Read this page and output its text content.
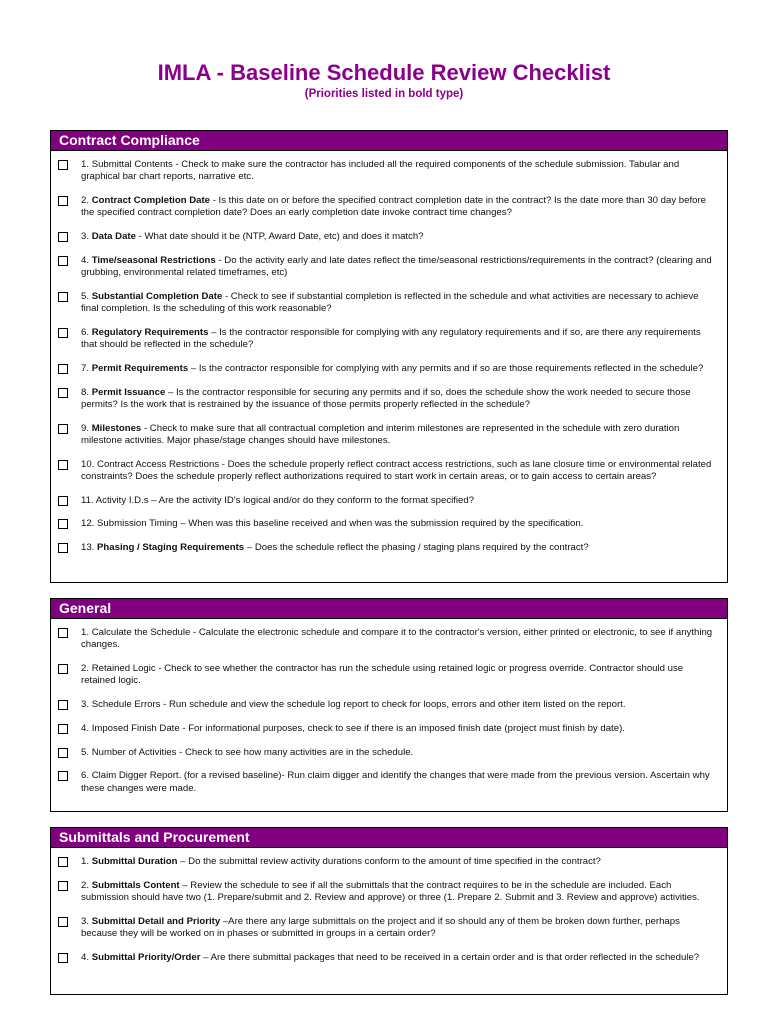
IMLA - Baseline Schedule Review Checklist
(Priorities listed in bold type)
Contract Compliance
1. Submittal Contents - Check to make sure the contractor has included all the required components of the schedule submission. Tabular and graphical bar chart reports, narrative etc.
2. Contract Completion Date - Is this date on or before the specified contract completion date in the contract? Is the date more than 30 day before the specified contract completion date? Does an early completion date invoke contract time changes?
3. Data Date - What date should it be (NTP, Award Date, etc) and does it match?
4. Time/seasonal Restrictions - Do the activity early and late dates reflect the time/seasonal restrictions/requirements in the contract? (clearing and grubbing, environmental related timeframes, etc)
5. Substantial Completion Date - Check to see if substantial completion is reflected in the schedule and what activities are necessary to achieve final completion. Is the scheduling of this work reasonable?
6. Regulatory Requirements – Is the contractor responsible for complying with any regulatory requirements and if so, are there any requirements that should be reflected in the schedule?
7. Permit Requirements – Is the contractor responsible for complying with any permits and if so are those requirements reflected in the schedule?
8. Permit Issuance – Is the contractor responsible for securing any permits and if so, does the schedule show the work needed to secure those permits? Is the work that is restrained by the issuance of those permits properly reflected in the schedule?
9. Milestones - Check to make sure that all contractual completion and interim milestones are represented in the schedule with zero duration milestone activities. Major phase/stage changes should have milestones.
10. Contract Access Restrictions - Does the schedule properly reflect contract access restrictions, such as lane closure time or environmental related constraints? Does the schedule properly reflect authorizations required to start work in certain areas, or to gain access to certain areas?
11. Activity I.D.s – Are the activity ID's logical and/or do they conform to the format specified?
12. Submission Timing – When was this baseline received and when was the submission required by the specification.
13. Phasing / Staging Requirements – Does the schedule reflect the phasing / staging plans required by the contract?
General
1. Calculate the Schedule - Calculate the electronic schedule and compare it to the contractor's version, either printed or electronic, to see if anything changes.
2. Retained Logic - Check to see whether the contractor has run the schedule using retained logic or progress override. Contractor should use retained logic.
3. Schedule Errors - Run schedule and view the schedule log report to check for loops, errors and other item listed on the report.
4. Imposed Finish Date - For informational purposes, check to see if there is an imposed finish date (project must finish by date).
5. Number of Activities - Check to see how many activities are in the schedule.
6. Claim Digger Report. (for a revised baseline)- Run claim digger and identify the changes that were made from the previous version. Ascertain why these changes were made.
Submittals and Procurement
1. Submittal Duration – Do the submittal review activity durations conform to the amount of time specified in the contract?
2. Submittals Content – Review the schedule to see if all the submittals that the contract requires to be in the schedule are included. Each submission should have two (1. Prepare/submit and 2. Review and approve) or three (1. Prepare 2. Submit and 3. Review and approve) activities.
3. Submittal Detail and Priority –Are there any large submittals on the project and if so should any of them be broken down further, perhaps because they will be worked on in phases or submitted in groups in a certain order?
4. Submittal Priority/Order – Are there submittal packages that need to be received in a certain order and is that order reflected in the schedule?
